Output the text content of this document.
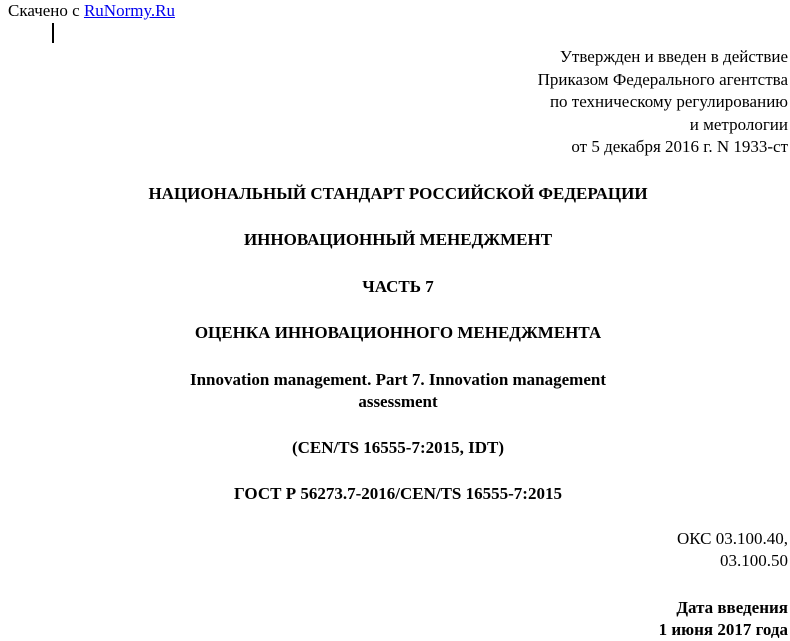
Скачено с RuNormy.Ru
Утвержден и введен в действие
Приказом Федерального агентства
по техническому регулированию
и метрологии
от 5 декабря 2016 г. N 1933-ст
НАЦИОНАЛЬНЫЙ СТАНДАРТ РОССИЙСКОЙ ФЕДЕРАЦИИ
ИННОВАЦИОННЫЙ МЕНЕДЖМЕНТ
ЧАСТЬ 7
ОЦЕНКА ИННОВАЦИОННОГО МЕНЕДЖМЕНТА
Innovation management. Part 7. Innovation management
assessment
(CEN/TS 16555-7:2015, IDT)
ГОСТ Р 56273.7-2016/CEN/TS 16555-7:2015
ОКС 03.100.40,
03.100.50
Дата введения
1 июня 2017 года
